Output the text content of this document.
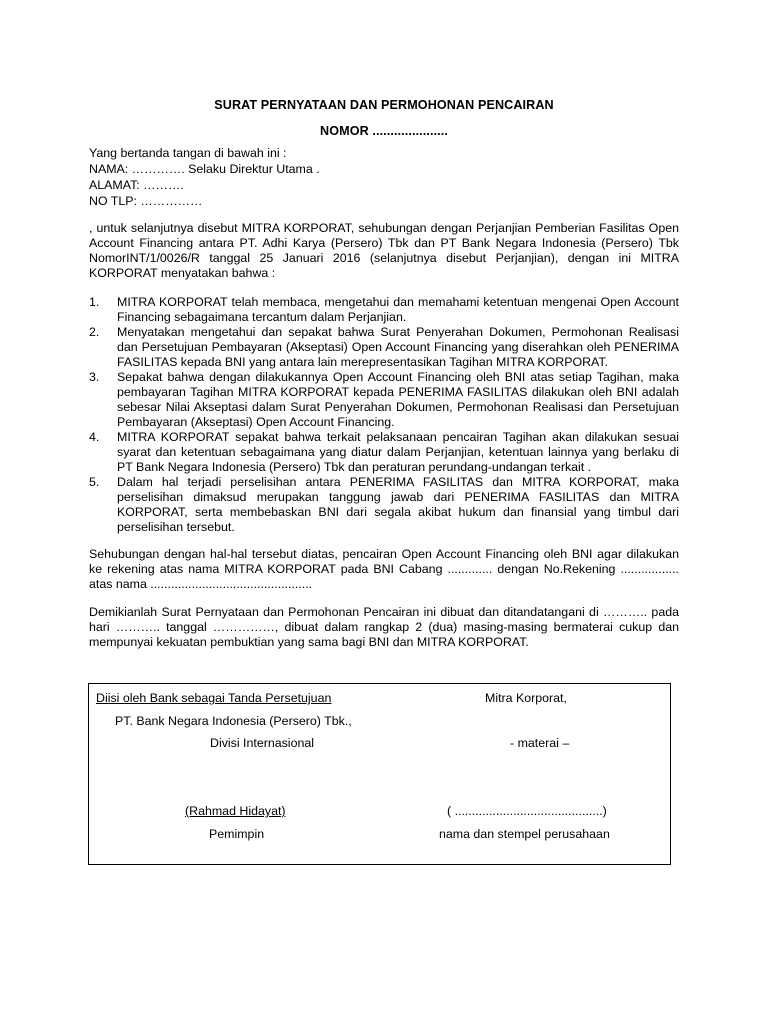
SURAT PERNYATAAN DAN PERMOHONAN PENCAIRAN
NOMOR .....................
Yang bertanda tangan di bawah ini :
NAMA: …………. Selaku Direktur Utama .
ALAMAT: ……….
NO TLP: ……………

, untuk selanjutnya disebut MITRA KORPORAT, sehubungan dengan Perjanjian Pemberian Fasilitas Open Account Financing antara PT. Adhi Karya (Persero) Tbk dan PT Bank Negara Indonesia (Persero) Tbk NomorINT/1/0026/R tanggal 25 Januari 2016 (selanjutnya disebut Perjanjian), dengan ini MITRA KORPORAT menyatakan bahwa :

1. MITRA KORPORAT telah membaca, mengetahui dan memahami ketentuan mengenai Open Account Financing sebagaimana tercantum dalam Perjanjian.
2. Menyatakan mengetahui dan sepakat bahwa Surat Penyerahan Dokumen, Permohonan Realisasi dan Persetujuan Pembayaran (Akseptasi) Open Account Financing yang diserahkan oleh PENERIMA FASILITAS kepada BNI yang antara lain merepresentasikan Tagihan MITRA KORPORAT.
3. Sepakat bahwa dengan dilakukannya Open Account Financing oleh BNI atas setiap Tagihan, maka pembayaran Tagihan MITRA KORPORAT kepada PENERIMA FASILITAS dilakukan oleh BNI adalah sebesar Nilai Akseptasi dalam Surat Penyerahan Dokumen, Permohonan Realisasi dan Persetujuan Pembayaran (Akseptasi) Open Account Financing.
4. MITRA KORPORAT sepakat bahwa terkait pelaksanaan pencairan Tagihan akan dilakukan sesuai syarat dan ketentuan sebagaimana yang diatur dalam Perjanjian, ketentuan lainnya yang berlaku di PT Bank Negara Indonesia (Persero) Tbk dan peraturan perundang-undangan terkait .
5. Dalam hal terjadi perselisihan antara PENERIMA FASILITAS dan MITRA KORPORAT, maka perselisihan dimaksud merupakan tanggung jawab dari PENERIMA FASILITAS dan MITRA KORPORAT, serta membebaskan BNI dari segala akibat hukum dan finansial yang timbul dari perselisihan tersebut.

Sehubungan dengan hal-hal tersebut diatas, pencairan Open Account Financing oleh BNI agar dilakukan ke rekening atas nama MITRA KORPORAT pada BNI Cabang ............. dengan No.Rekening ................. atas nama ...............................................

Demikianlah Surat Pernyataan dan Permohonan Pencairan ini dibuat dan ditandatangani di ……….. pada hari ……….. tanggal ……………, dibuat dalam rangkap 2 (dua) masing-masing bermaterai cukup dan mempunyai kekuatan pembuktian yang sama bagi BNI dan MITRA KORPORAT.

Diisi oleh Bank sebagai Tanda Persetujuan
PT. Bank Negara Indonesia (Persero) Tbk.,
Divisi Internasional
(Rahmad Hidayat)
Pemimpin
Mitra Korporat,
- materai –
( ...........................................)
nama dan stempel perusahaan
